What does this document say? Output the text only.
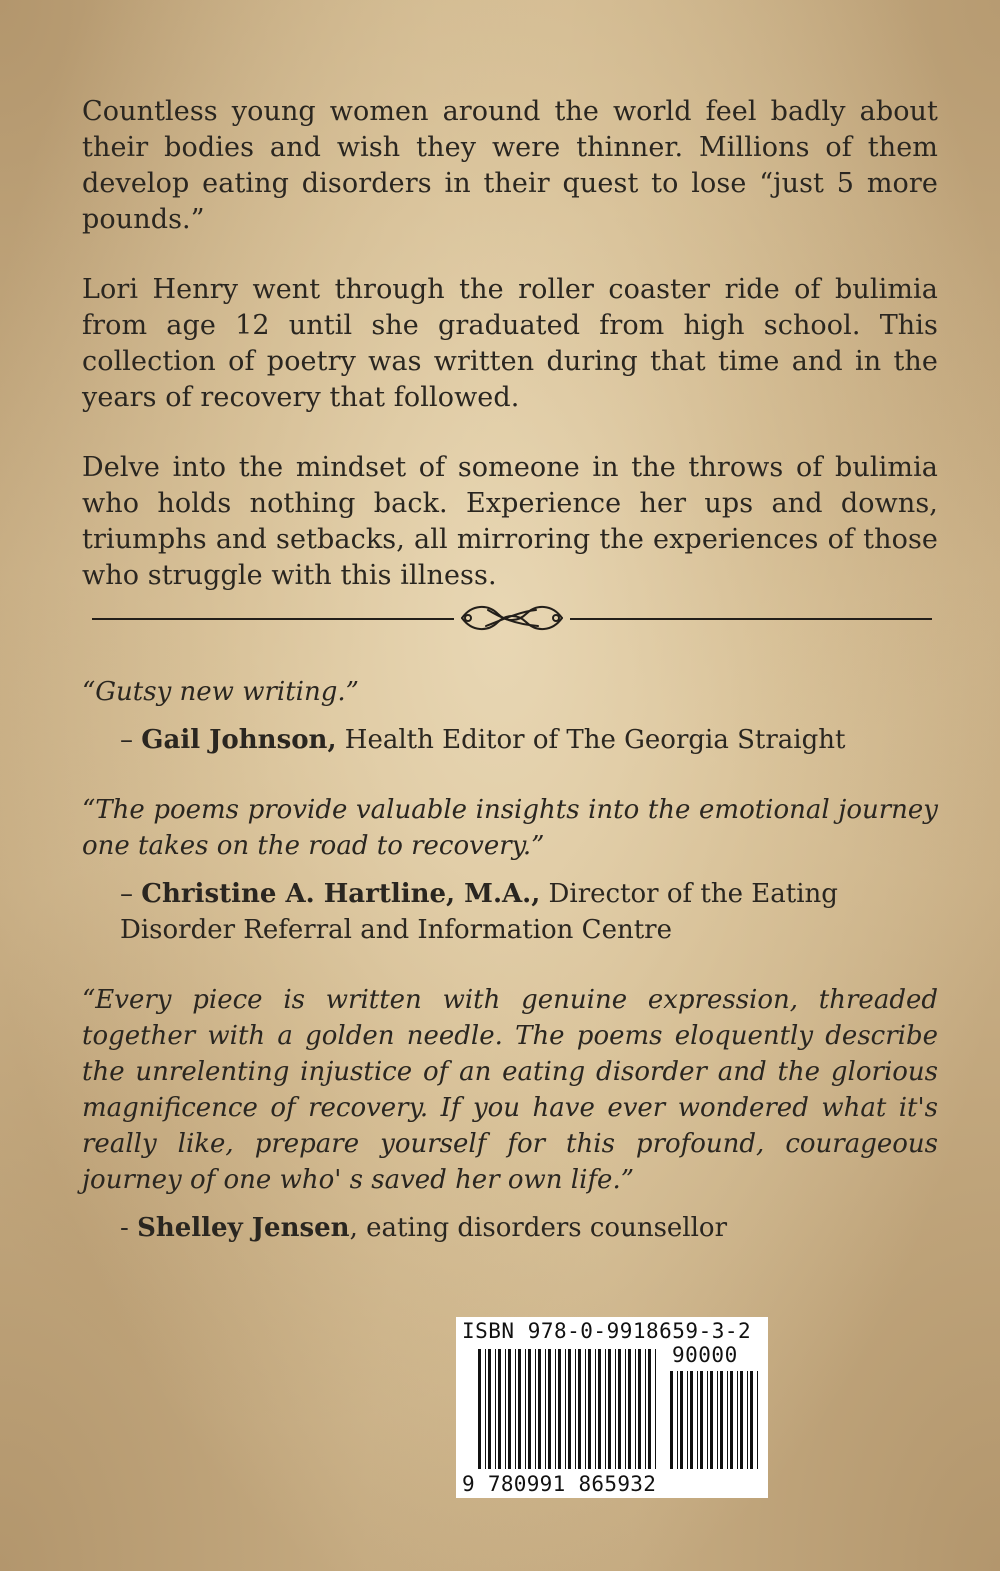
Countless young women around the world feel badly about their bodies and wish they were thinner. Millions of them develop eating disorders in their quest to lose “just 5 more pounds.”

Lori Henry went through the roller coaster ride of bulimia from age 12 until she graduated from high school. This collection of poetry was written during that time and in the years of recovery that followed.

Delve into the mindset of someone in the throws of bulimia who holds nothing back. Experience her ups and downs, triumphs and setbacks, all mirroring the experiences of those who struggle with this illness.

“Gutsy new writing.”

– Gail Johnson, Health Editor of The Georgia Straight

“The poems provide valuable insights into the emotional journey one takes on the road to recovery.”

– Christine A. Hartline, M.A., Director of the Eating Disorder Referral and Information Centre

“Every piece is written with genuine expression, threaded together with a golden needle. The poems eloquently describe the unrelenting injustice of an eating disorder and the glorious magnificence of recovery. If you have ever wondered what it's really like, prepare yourself for this profound, courageous journey of one who' s saved her own life.”

- Shelley Jensen, eating disorders counsellor

ISBN 978-0-9918659-3-2
90000
9 780991 865932
